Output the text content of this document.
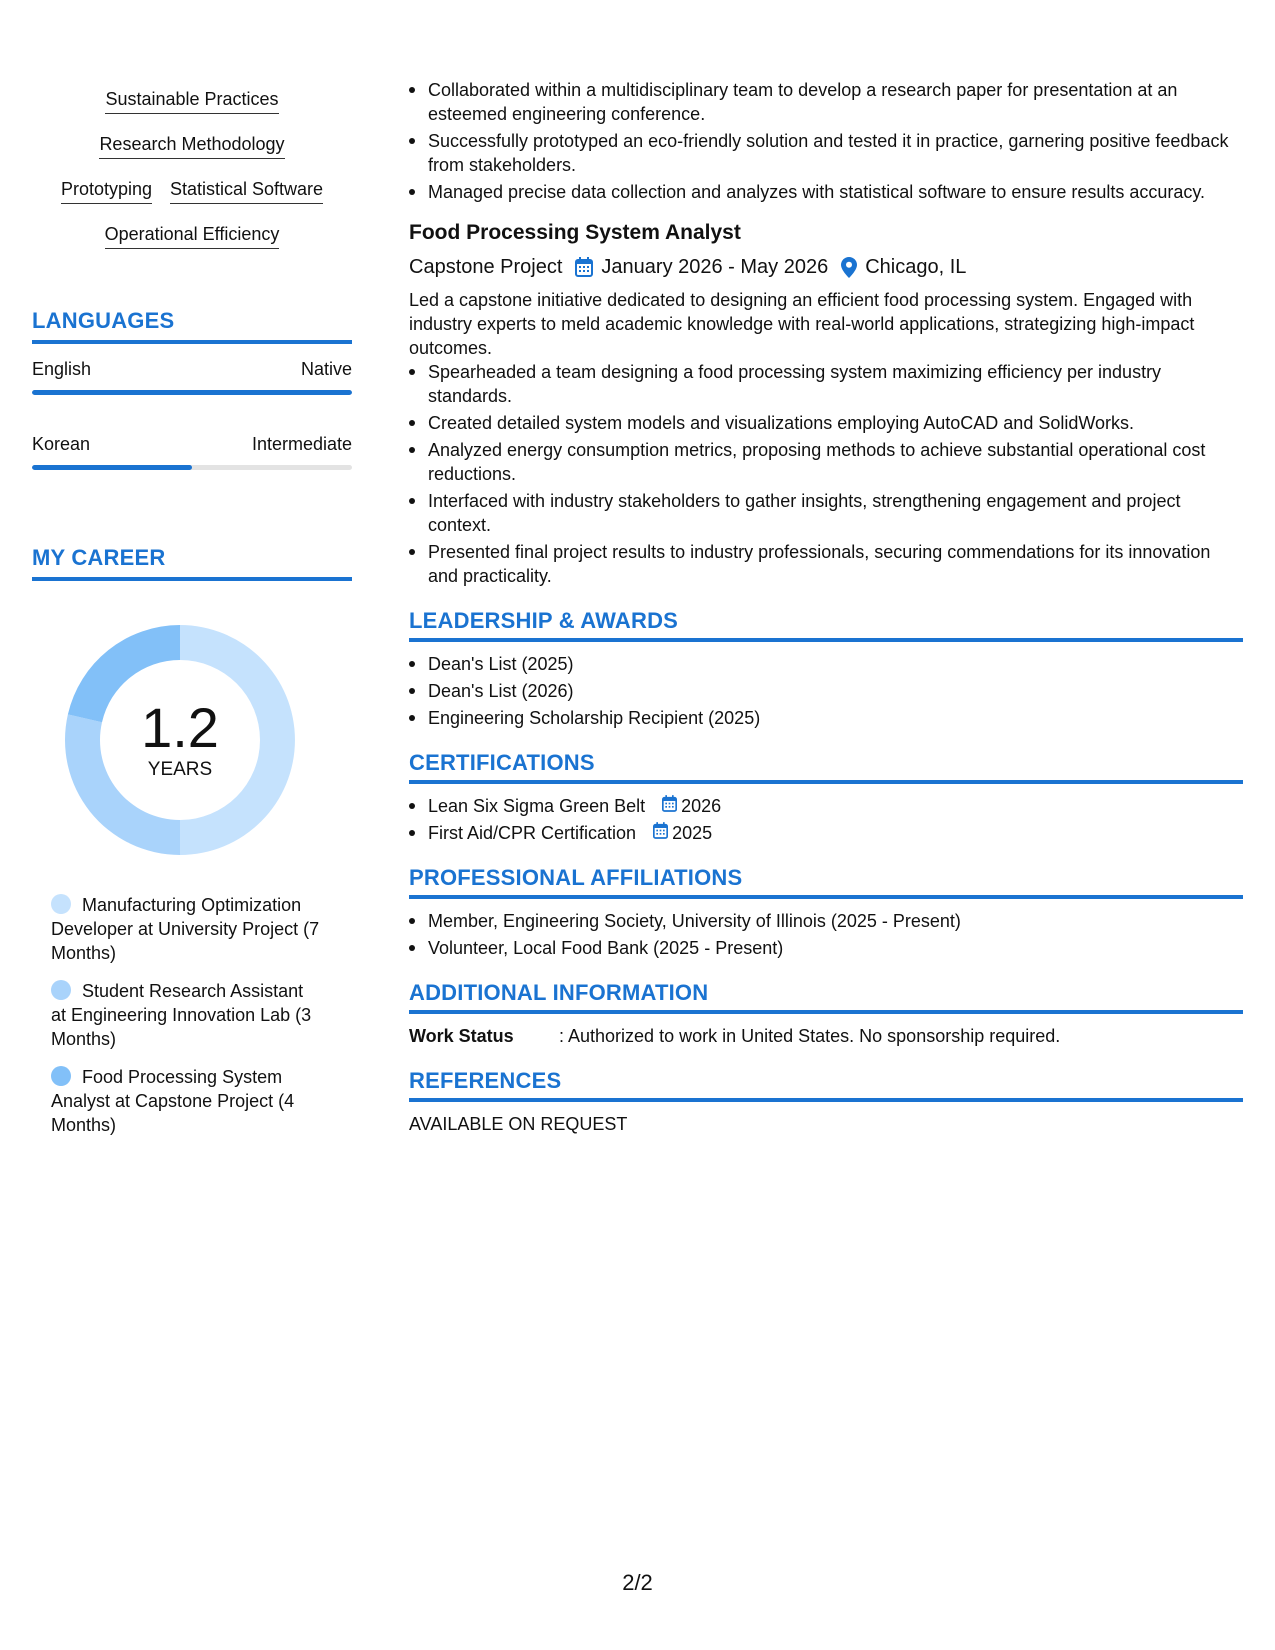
Sustainable Practices
Research Methodology
Prototyping Statistical Software
Operational Efficiency
LANGUAGES
English	Native
Korean	Intermediate
MY CAREER
1.2
YEARS
Manufacturing Optimization Developer at University Project (7 Months)
Student Research Assistant at Engineering Innovation Lab (3 Months)
Food Processing System Analyst at Capstone Project (4 Months)
Collaborated within a multidisciplinary team to develop a research paper for presentation at an esteemed engineering conference.
Successfully prototyped an eco-friendly solution and tested it in practice, garnering positive feedback from stakeholders.
Managed precise data collection and analyzes with statistical software to ensure results accuracy.
Food Processing System Analyst
Capstone Project January 2026 - May 2026 Chicago, IL
Led a capstone initiative dedicated to designing an efficient food processing system. Engaged with industry experts to meld academic knowledge with real-world applications, strategizing high-impact outcomes.
Spearheaded a team designing a food processing system maximizing efficiency per industry standards.
Created detailed system models and visualizations employing AutoCAD and SolidWorks.
Analyzed energy consumption metrics, proposing methods to achieve substantial operational cost reductions.
Interfaced with industry stakeholders to gather insights, strengthening engagement and project context.
Presented final project results to industry professionals, securing commendations for its innovation and practicality.
LEADERSHIP & AWARDS
Dean's List (2025)
Dean's List (2026)
Engineering Scholarship Recipient (2025)
CERTIFICATIONS
Lean Six Sigma Green Belt 2026
First Aid/CPR Certification 2025
PROFESSIONAL AFFILIATIONS
Member, Engineering Society, University of Illinois (2025 - Present)
Volunteer, Local Food Bank (2025 - Present)
ADDITIONAL INFORMATION
Work Status	: Authorized to work in United States. No sponsorship required.
REFERENCES
AVAILABLE ON REQUEST
2/2
